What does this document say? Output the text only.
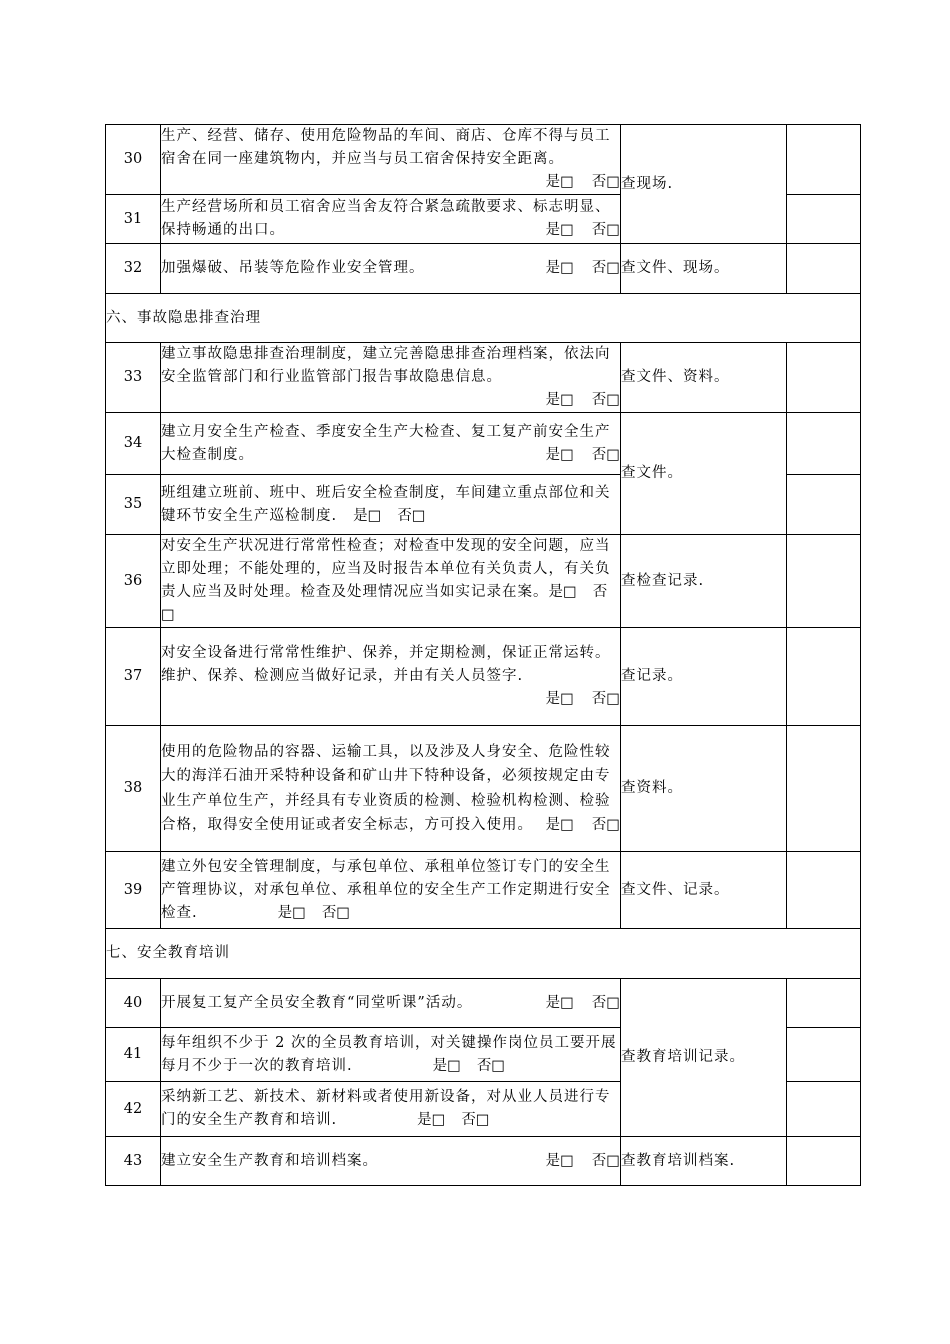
30	生产、经营、储存、使用危险物品的车间、商店、仓库不得与员工宿舍在同一座建筑物内，并应当与员工宿舍保持安全距离。
是□ 否□	查现场.	
31	生产经营场所和员工宿舍应当舍友符合紧急疏散要求、标志明显、保持畅通的出口。 是□ 否□		

32	加强爆破、吊装等危险作业安全管理。 是□ 否□	查文件、现场。	
六、事故隐患排查治理			
33	建立事故隐患排查治理制度，建立完善隐患排查治理档案，依法向安全监管部门和行业监管部门报告事故隐患信息。
是□ 否□	查文件、资料。	
34	建立月安全生产检查、季度安全生产大检查、复工复产前安全生产大检查制度。 是□ 否□	查文件。	
35	班组建立班前、班中、班后安全检查制度，车间建立重点部位和关键环节安全生产巡检制度. 是□ 否□		
36	对安全生产状况进行常常性检查；对检查中发现的安全问题，应当立即处理；不能处理的，应当及时报告本单位有关负责人，有关负责人应当及时处理。检查及处理情况应当如实记录在案。是□ 否□	查检查记录.	
37	对安全设备进行常常性维护、保养，并定期检测，保证正常运转。维护、保养、检测应当做好记录，并由有关人员签字.
是□ 否□	查记录。	
38	使用的危险物品的容器、运输工具，以及涉及人身安全、危险性较大的海洋石油开采特种设备和矿山井下特种设备，必须按规定由专业生产单位生产，并经具有专业资质的检测、检验机构检测、检验合格，取得安全使用证或者安全标志，方可投入使用。 是□ 否□	查资料。	
39	建立外包安全管理制度，与承包单位、承租单位签订专门的安全生产管理协议，对承包单位、承租单位的安全生产工作定期进行安全检查. 是□ 否□	查文件、记录。	
七、安全教育培训			
40	开展复工复产全员安全教育“同堂听课”活动。 是□ 否□	查教育培训记录。	
41	每年组织不少于 2 次的全员教育培训，对关键操作岗位员工要开展每月不少于一次的教育培训. 是□ 否□		
42	采纳新工艺、新技术、新材料或者使用新设备，对从业人员进行专门的安全生产教育和培训. 是□ 否□		
43	建立安全生产教育和培训档案。 是□ 否□	查教育培训档案.	
